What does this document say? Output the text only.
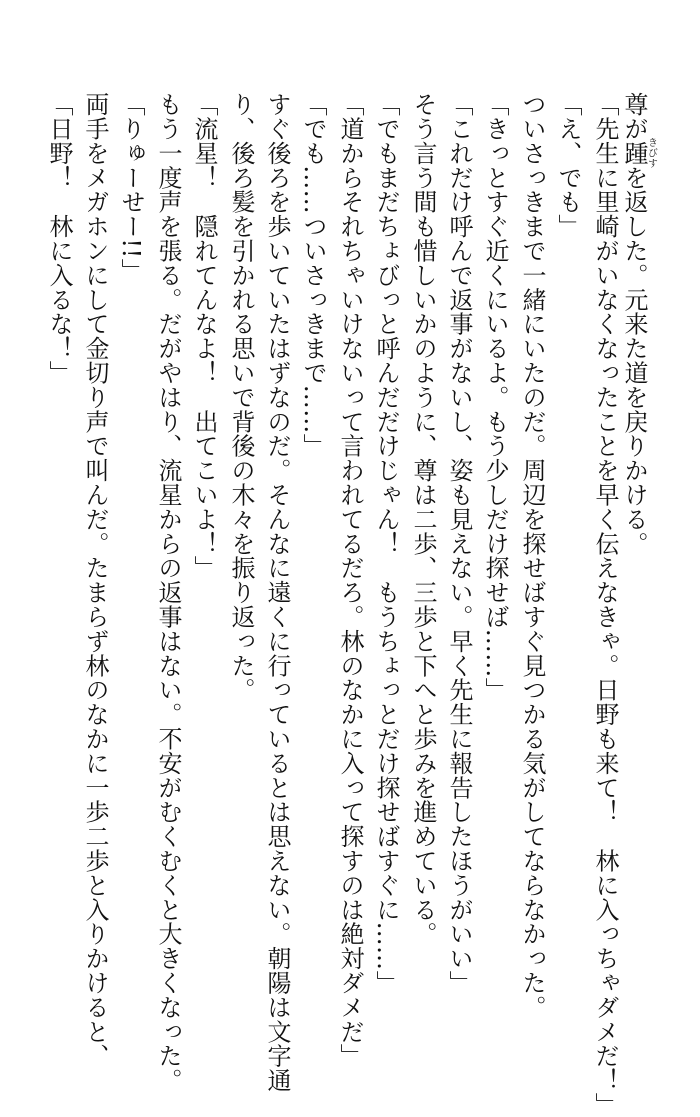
尊が踵きびすを返した。元来た道を戻りかける。
「先生に里崎がいなくなったことを早く伝えなきゃ。日野も来て！　林に入っちゃダメだ！」
「え、でも」
ついさっきまで一緒にいたのだ。周辺を探せばすぐ見つかる気がしてならなかった。
「きっとすぐ近くにいるよ。もう少しだけ探せば……」
「これだけ呼んで返事がないし、姿も見えない。早く先生に報告したほうがいい」
そう言う間も惜しいかのように、尊は二歩、三歩と下へと歩みを進めている。
「でもまだちょびっと呼んだだけじゃん！　もうちょっとだけ探せばすぐに……」
「道からそれちゃいけないって言われてるだろ。林のなかに入って探すのは絶対ダメだ」
「でも……ついさっきまで……」
すぐ後ろを歩いていたはずなのだ。そんなに遠くに行っているとは思えない。朝陽は文字通
り、後ろ髪を引かれる思いで背後の木々を振り返った。
「流星！　隠れてんなよ！　出てこいよ！」
もう一度声を張る。だがやはり、流星からの返事はない。不安がむくむくと大きくなった。
「りゅーせー!!」
両手をメガホンにして金切り声で叫んだ。たまらず林のなかに一歩二歩と入りかけると、
「日野！　林に入るな！」
